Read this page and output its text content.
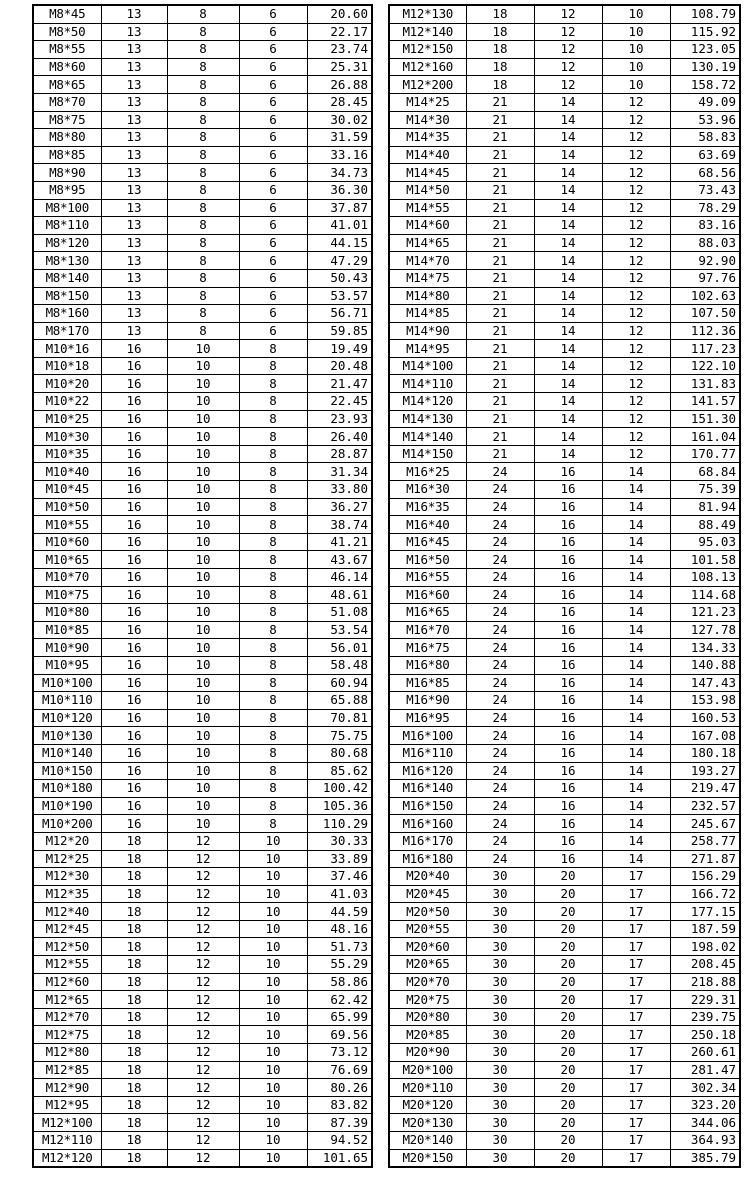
M8*45	13	8	6	20.60
M8*50	13	8	6	22.17
M8*55	13	8	6	23.74
M8*60	13	8	6	25.31
M8*65	13	8	6	26.88
M8*70	13	8	6	28.45
M8*75	13	8	6	30.02
M8*80	13	8	6	31.59
M8*85	13	8	6	33.16
M8*90	13	8	6	34.73
M8*95	13	8	6	36.30
M8*100	13	8	6	37.87
M8*110	13	8	6	41.01
M8*120	13	8	6	44.15
M8*130	13	8	6	47.29
M8*140	13	8	6	50.43
M8*150	13	8	6	53.57
M8*160	13	8	6	56.71
M8*170	13	8	6	59.85
M10*16	16	10	8	19.49
M10*18	16	10	8	20.48
M10*20	16	10	8	21.47
M10*22	16	10	8	22.45
M10*25	16	10	8	23.93
M10*30	16	10	8	26.40
M10*35	16	10	8	28.87
M10*40	16	10	8	31.34
M10*45	16	10	8	33.80
M10*50	16	10	8	36.27
M10*55	16	10	8	38.74
M10*60	16	10	8	41.21
M10*65	16	10	8	43.67
M10*70	16	10	8	46.14
M10*75	16	10	8	48.61
M10*80	16	10	8	51.08
M10*85	16	10	8	53.54
M10*90	16	10	8	56.01
M10*95	16	10	8	58.48
M10*100	16	10	8	60.94
M10*110	16	10	8	65.88
M10*120	16	10	8	70.81
M10*130	16	10	8	75.75
M10*140	16	10	8	80.68
M10*150	16	10	8	85.62
M10*180	16	10	8	100.42
M10*190	16	10	8	105.36
M10*200	16	10	8	110.29
M12*20	18	12	10	30.33
M12*25	18	12	10	33.89
M12*30	18	12	10	37.46
M12*35	18	12	10	41.03
M12*40	18	12	10	44.59
M12*45	18	12	10	48.16
M12*50	18	12	10	51.73
M12*55	18	12	10	55.29
M12*60	18	12	10	58.86
M12*65	18	12	10	62.42
M12*70	18	12	10	65.99
M12*75	18	12	10	69.56
M12*80	18	12	10	73.12
M12*85	18	12	10	76.69
M12*90	18	12	10	80.26
M12*95	18	12	10	83.82
M12*100	18	12	10	87.39
M12*110	18	12	10	94.52
M12*120	18	12	10	101.65
M12*130	18	12	10	108.79
M12*140	18	12	10	115.92
M12*150	18	12	10	123.05
M12*160	18	12	10	130.19
M12*200	18	12	10	158.72
M14*25	21	14	12	49.09
M14*30	21	14	12	53.96
M14*35	21	14	12	58.83
M14*40	21	14	12	63.69
M14*45	21	14	12	68.56
M14*50	21	14	12	73.43
M14*55	21	14	12	78.29
M14*60	21	14	12	83.16
M14*65	21	14	12	88.03
M14*70	21	14	12	92.90
M14*75	21	14	12	97.76
M14*80	21	14	12	102.63
M14*85	21	14	12	107.50
M14*90	21	14	12	112.36
M14*95	21	14	12	117.23
M14*100	21	14	12	122.10
M14*110	21	14	12	131.83
M14*120	21	14	12	141.57
M14*130	21	14	12	151.30
M14*140	21	14	12	161.04
M14*150	21	14	12	170.77
M16*25	24	16	14	68.84
M16*30	24	16	14	75.39
M16*35	24	16	14	81.94
M16*40	24	16	14	88.49
M16*45	24	16	14	95.03
M16*50	24	16	14	101.58
M16*55	24	16	14	108.13
M16*60	24	16	14	114.68
M16*65	24	16	14	121.23
M16*70	24	16	14	127.78
M16*75	24	16	14	134.33
M16*80	24	16	14	140.88
M16*85	24	16	14	147.43
M16*90	24	16	14	153.98
M16*95	24	16	14	160.53
M16*100	24	16	14	167.08
M16*110	24	16	14	180.18
M16*120	24	16	14	193.27
M16*140	24	16	14	219.47
M16*150	24	16	14	232.57
M16*160	24	16	14	245.67
M16*170	24	16	14	258.77
M16*180	24	16	14	271.87
M20*40	30	20	17	156.29
M20*45	30	20	17	166.72
M20*50	30	20	17	177.15
M20*55	30	20	17	187.59
M20*60	30	20	17	198.02
M20*65	30	20	17	208.45
M20*70	30	20	17	218.88
M20*75	30	20	17	229.31
M20*80	30	20	17	239.75
M20*85	30	20	17	250.18
M20*90	30	20	17	260.61
M20*100	30	20	17	281.47
M20*110	30	20	17	302.34
M20*120	30	20	17	323.20
M20*130	30	20	17	344.06
M20*140	30	20	17	364.93
M20*150	30	20	17	385.79
